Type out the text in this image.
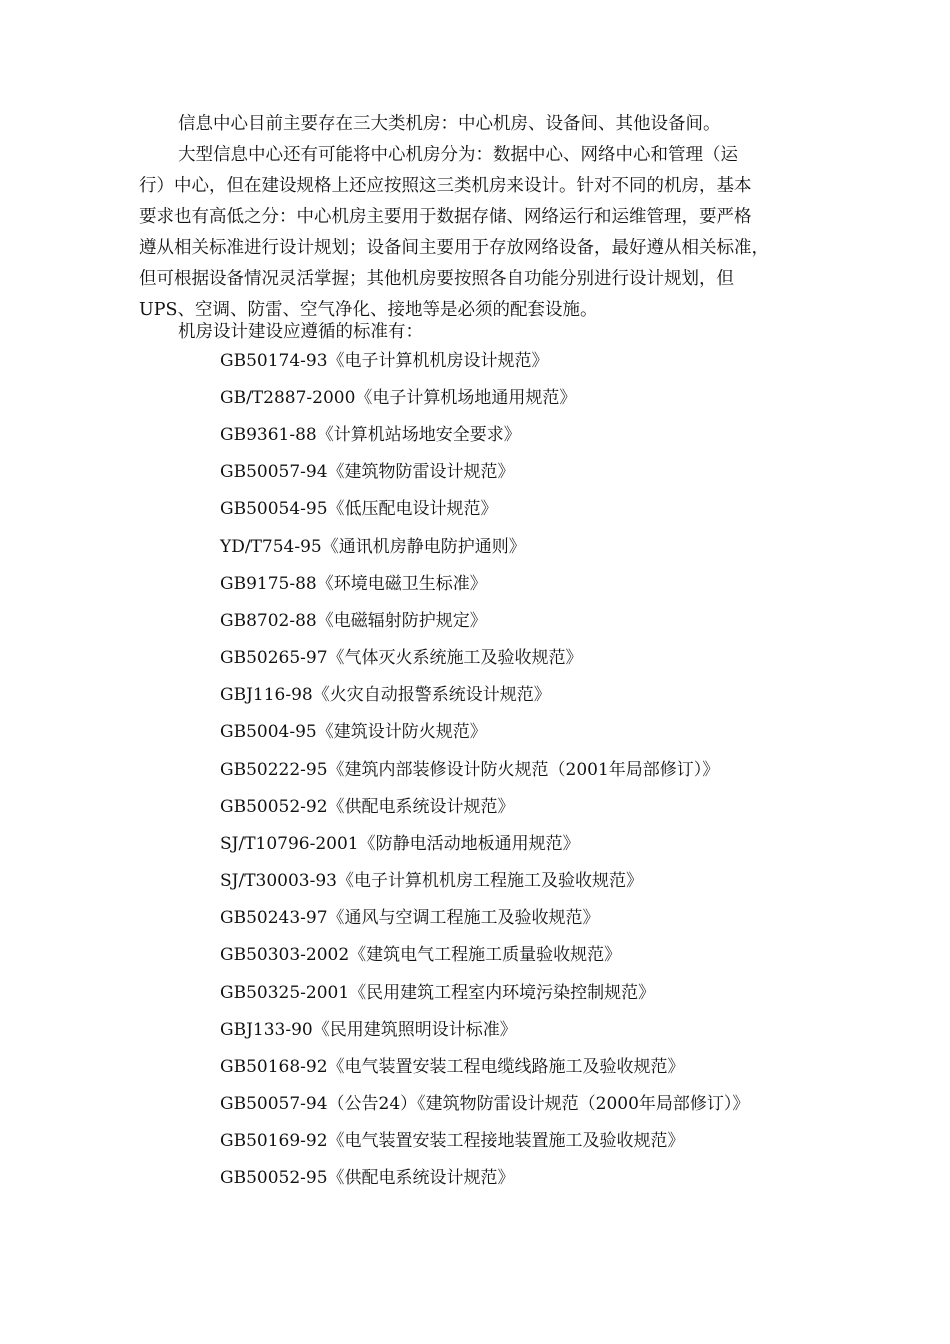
信息中心目前主要存在三大类机房：中心机房、设备间、其他设备间。
大型信息中心还有可能将中心机房分为：数据中心、网络中心和管理（运
行）中心，但在建设规格上还应按照这三类机房来设计。针对不同的机房，基本
要求也有高低之分：中心机房主要用于数据存储、网络运行和运维管理，要严格
遵从相关标准进行设计规划；设备间主要用于存放网络设备，最好遵从相关标准，
但可根据设备情况灵活掌握；其他机房要按照各自功能分别进行设计规划，但
UPS、空调、防雷、空气净化、接地等是必须的配套设施。
机房设计建设应遵循的标准有：
GB50174-93《电子计算机机房设计规范》
GB/T2887-2000《电子计算机场地通用规范》
GB9361-88《计算机站场地安全要求》
GB50057-94《建筑物防雷设计规范》
GB50054-95《低压配电设计规范》
YD/T754-95《通讯机房静电防护通则》
GB9175-88《环境电磁卫生标准》
GB8702-88《电磁辐射防护规定》
GB50265-97《气体灭火系统施工及验收规范》
GBJ116-98《火灾自动报警系统设计规范》
GB5004-95《建筑设计防火规范》
GB50222-95《建筑内部装修设计防火规范（2001年局部修订）》
GB50052-92《供配电系统设计规范》
SJ/T10796-2001《防静电活动地板通用规范》
SJ/T30003-93《电子计算机机房工程施工及验收规范》
GB50243-97《通风与空调工程施工及验收规范》
GB50303-2002《建筑电气工程施工质量验收规范》
GB50325-2001《民用建筑工程室内环境污染控制规范》
GBJ133-90《民用建筑照明设计标准》
GB50168-92《电气装置安装工程电缆线路施工及验收规范》
GB50057-94（公告24）《建筑物防雷设计规范（2000年局部修订）》
GB50169-92《电气装置安装工程接地装置施工及验收规范》
GB50052-95《供配电系统设计规范》
